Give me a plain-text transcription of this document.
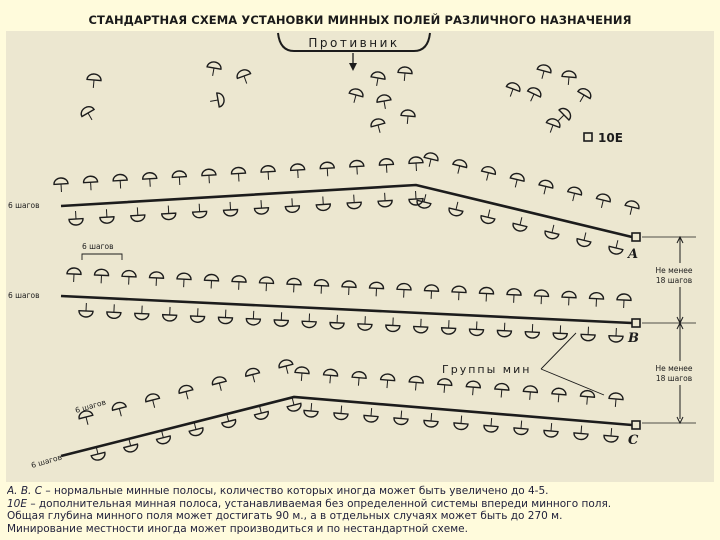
СТАНДАРТНАЯ СХЕМА УСТАНОВКИ МИННЫХ ПОЛЕЙ РАЗЛИЧНОГО НАЗНАЧЕНИЯ
Противник
10E
A
B
C
6 шагов
6 шагов
6 шагов
6 шагов
6 шагов
Группы мин
Не менее
18 шагов
Не менее
18 шагов

А. В. С – нормальные минные полосы, количество которых иногда может быть увеличено до 4-5.

10Е – дополнительная минная полоса, устанавливаемая без определенной системы впереди минного поля.

Общая глубина минного поля может достигать 90 м., а в отдельных случаях может быть до 270 м.

Минирование местности иногда может производиться и по нестандартной схеме.
